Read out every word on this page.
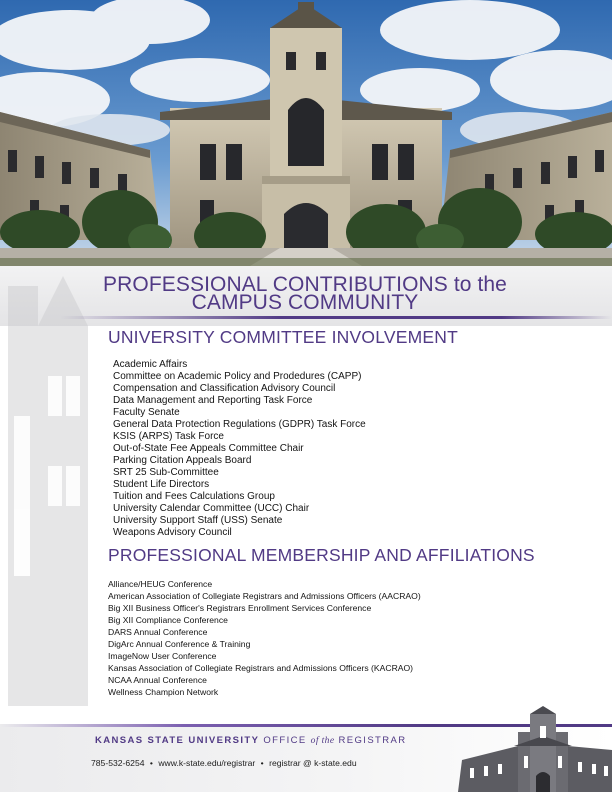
PROFESSIONAL CONTRIBUTIONS to the
CAMPUS COMMUNITY
UNIVERSITY COMMITTEE INVOLVEMENT
Academic Affairs
Committee on Academic Policy and Prodedures (CAPP)
Compensation and Classification Advisory Council
Data Management and Reporting Task Force
Faculty Senate
General Data Protection Regulations (GDPR) Task Force
KSIS (ARPS) Task Force
Out-of-State Fee Appeals Committee Chair
Parking Citation Appeals Board
SRT 25 Sub-Committee
Student Life Directors
Tuition and Fees Calculations Group
University Calendar Committee (UCC) Chair
University Support Staff (USS) Senate
Weapons Advisory Council
PROFESSIONAL MEMBERSHIP AND AFFILIATIONS
Alliance/HEUG Conference
American Association of Collegiate Registrars and Admissions Officers (AACRAO)
Big XII Business Officer's Registrars Enrollment Services Conference
Big XII Compliance Conference
DARS Annual Conference
DigArc Annual Conference & Training
ImageNow User Conference
Kansas Association of Collegiate Registrars and Admissions Officers (KACRAO)
NCAA Annual Conference
Wellness Champion Network
KANSAS STATE UNIVERSITY OFFICE of the REGISTRAR
785-532-6254 • www.k-state.edu/registrar • registrar @ k-state.edu
